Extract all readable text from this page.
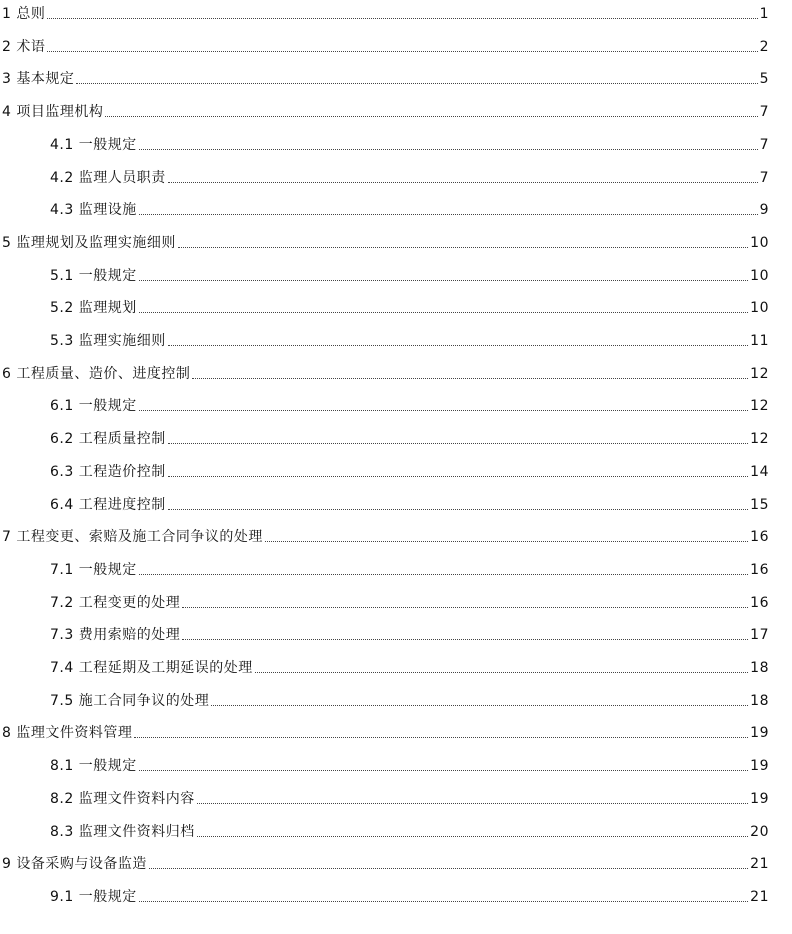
1 总则	1
2 术语	2
3 基本规定	5
4 项目监理机构	7
4.1 一般规定	7
4.2 监理人员职责	7
4.3 监理设施	9
5 监理规划及监理实施细则	10
5.1 一般规定	10
5.2 监理规划	10
5.3 监理实施细则	11
6 工程质量、造价、进度控制	12
6.1 一般规定	12
6.2 工程质量控制	12
6.3 工程造价控制	14
6.4 工程进度控制	15
7 工程变更、索赔及施工合同争议的处理	16
7.1 一般规定	16
7.2 工程变更的处理	16
7.3 费用索赔的处理	17
7.4 工程延期及工期延误的处理	18
7.5 施工合同争议的处理	18
8 监理文件资料管理	19
8.1 一般规定	19
8.2 监理文件资料内容	19
8.3 监理文件资料归档	20
9 设备采购与设备监造	21
9.1 一般规定	21
